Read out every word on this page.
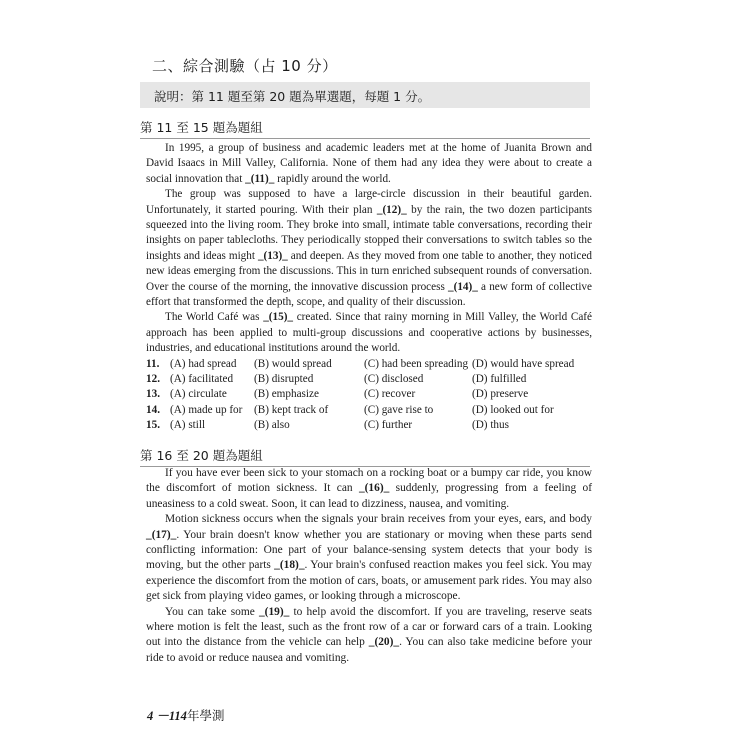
二、綜合測驗（占 10 分）
說明：第 11 題至第 20 題為單選題，每題 1 分。
第 11 至 15 題為題組

In 1995, a group of business and academic leaders met at the home of Juanita Brown and David Isaacs in Mill Valley, California. None of them had any idea they were about to create a social innovation that _(11)_ rapidly around the world.

The group was supposed to have a large-circle discussion in their beautiful garden. Unfortunately, it started pouring. With their plan _(12)_ by the rain, the two dozen participants squeezed into the living room. They broke into small, intimate table conversations, recording their insights on paper tablecloths. They periodically stopped their conversations to switch tables so the insights and ideas might _(13)_ and deepen. As they moved from one table to another, they noticed new ideas emerging from the discussions. This in turn enriched subsequent rounds of conversation. Over the course of the morning, the innovative discussion process _(14)_ a new form of collective effort that transformed the depth, scope, and quality of their discussion.

The World Café was _(15)_ created. Since that rainy morning in Mill Valley, the World Café approach has been applied to multi-group discussions and cooperative actions by businesses, industries, and educational institutions around the world.

11.	(A) had spread	(B) would spread	(C) had been spreading	(D) would have spread
12.	(A) facilitated	(B) disrupted	(C) disclosed	(D) fulfilled
13.	(A) circulate	(B) emphasize	(C) recover	(D) preserve
14.	(A) made up for	(B) kept track of	(C) gave rise to	(D) looked out for
15.	(A) still	(B) also	(C) further	(D) thus
第 16 至 20 題為題組

If you have ever been sick to your stomach on a rocking boat or a bumpy car ride, you know the discomfort of motion sickness. It can _(16)_ suddenly, progressing from a feeling of uneasiness to a cold sweat. Soon, it can lead to dizziness, nausea, and vomiting.

Motion sickness occurs when the signals your brain receives from your eyes, ears, and body _(17)_. Your brain doesn't know whether you are stationary or moving when these parts send conflicting information: One part of your balance-sensing system detects that your body is moving, but the other parts _(18)_. Your brain's confused reaction makes you feel sick. You may experience the discomfort from the motion of cars, boats, or amusement park rides. You may also get sick from playing video games, or looking through a microscope.

You can take some _(19)_ to help avoid the discomfort. If you are traveling, reserve seats where motion is felt the least, such as the front row of a car or forward cars of a train. Looking out into the distance from the vehicle can help _(20)_. You can also take medicine before your ride to avoid or reduce nausea and vomiting.

4 －114年學測
